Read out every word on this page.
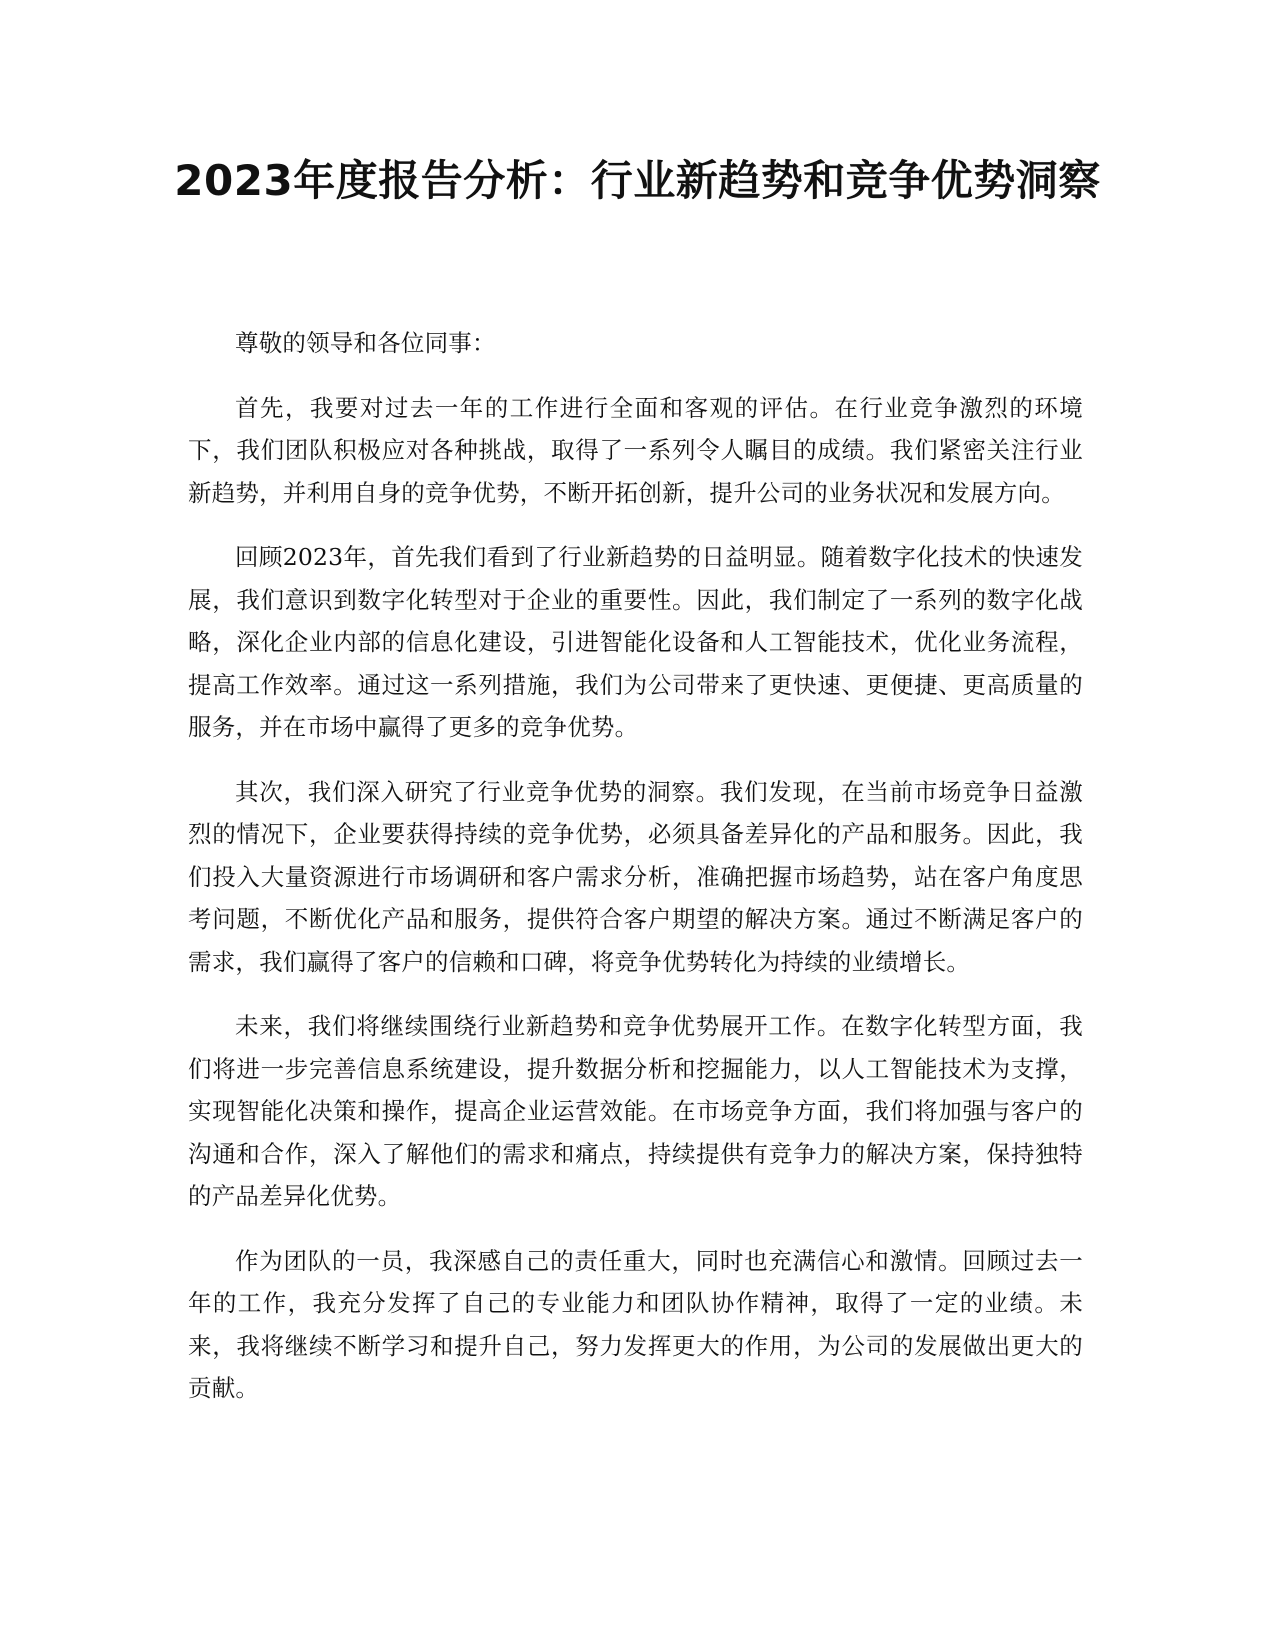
2023年度报告分析：行业新趋势和竞争优势洞察

尊敬的领导和各位同事：

首先，我要对过去一年的工作进行全面和客观的评估。在行业竞争激烈的环境下，我们团队积极应对各种挑战，取得了一系列令人瞩目的成绩。我们紧密关注行业新趋势，并利用自身的竞争优势，不断开拓创新，提升公司的业务状况和发展方向。

回顾2023年，首先我们看到了行业新趋势的日益明显。随着数字化技术的快速发展，我们意识到数字化转型对于企业的重要性。因此，我们制定了一系列的数字化战略，深化企业内部的信息化建设，引进智能化设备和人工智能技术，优化业务流程，提高工作效率。通过这一系列措施，我们为公司带来了更快速、更便捷、更高质量的服务，并在市场中赢得了更多的竞争优势。

其次，我们深入研究了行业竞争优势的洞察。我们发现，在当前市场竞争日益激烈的情况下，企业要获得持续的竞争优势，必须具备差异化的产品和服务。因此，我们投入大量资源进行市场调研和客户需求分析，准确把握市场趋势，站在客户角度思考问题，不断优化产品和服务，提供符合客户期望的解决方案。通过不断满足客户的需求，我们赢得了客户的信赖和口碑，将竞争优势转化为持续的业绩增长。

未来，我们将继续围绕行业新趋势和竞争优势展开工作。在数字化转型方面，我们将进一步完善信息系统建设，提升数据分析和挖掘能力，以人工智能技术为支撑，实现智能化决策和操作，提高企业运营效能。在市场竞争方面，我们将加强与客户的沟通和合作，深入了解他们的需求和痛点，持续提供有竞争力的解决方案，保持独特的产品差异化优势。

作为团队的一员，我深感自己的责任重大，同时也充满信心和激情。回顾过去一年的工作，我充分发挥了自己的专业能力和团队协作精神，取得了一定的业绩。未来，我将继续不断学习和提升自己，努力发挥更大的作用，为公司的发展做出更大的贡献。
